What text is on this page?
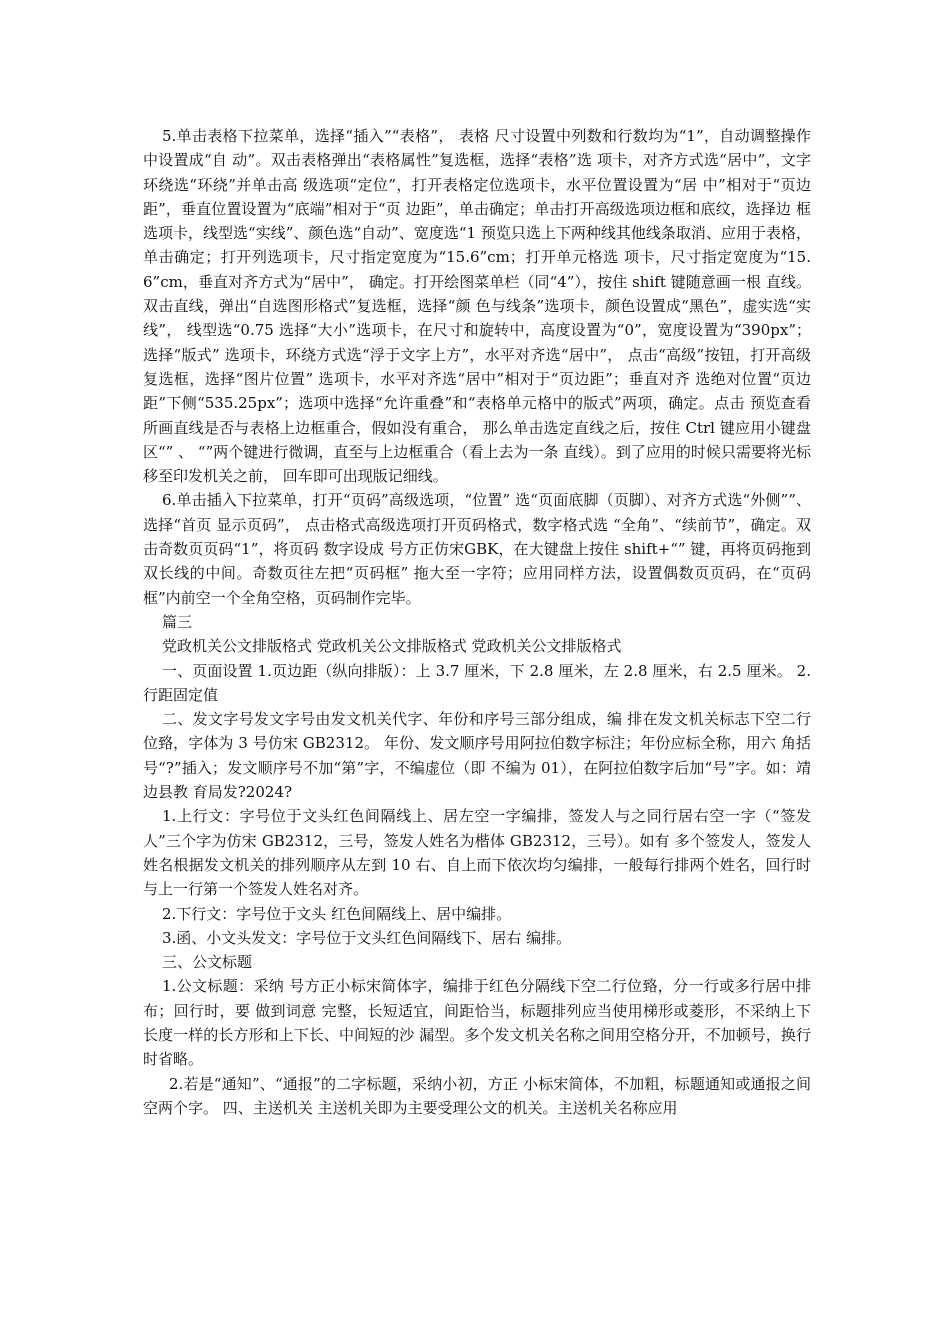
5.单击表格下拉菜单，选择“插入”“表格”， 表格 尺寸设置中列数和行数均为“1”，自动调整操作中设置成“自 动”。双击表格弹出“表格属性”复选框，选择“表格”选 项卡，对齐方式选“居中”，文字环绕选“环绕”并单击高 级选项“定位”，打开表格定位选项卡，水平位置设置为“居 中”相对于“页边距”，垂直位置设置为“底端”相对于“页 边距”，单击确定；单击打开高级选项边框和底纹，选择边 框选项卡，线型选“实线”、颜色选“自动”、宽度选“1 预览只选上下两种线其他线条取消、应用于表格，单击确定；打开列选项卡，尺寸指定宽度为“15.6”cm；打开单元格选 项卡，尺寸指定宽度为“15.6”cm，垂直对齐方式为“居中”， 确定。打开绘图菜单栏（同“4”），按住 shift 键随意画一根 直线。双击直线，弹出“自选图形格式”复选框，选择“颜 色与线条”选项卡，颜色设置成“黑色”，虚实选“实线”， 线型选“0.75 选择“大小”选项卡，在尺寸和旋转中，高度设置为“0”，宽度设置为“390px”；选择“版式” 选项卡，环绕方式选“浮于文字上方”，水平对齐选“居中”， 点击“高级”按钮，打开高级复选框，选择“图片位置” 选项卡，水平对齐选“居中”相对于“页边距”；垂直对齐 选绝对位置“页边距”下侧“535.25px”；选项中选择“允许重叠”和“表格单元格中的版式”两项，确定。点击 预览查看所画直线是否与表格上边框重合，假如没有重合， 那么单击选定直线之后，按住 Ctrl 键应用小键盘区“” 、 “”两个键进行微调，直至与上边框重合（看上去为一条 直线）。到了应用的时候只需要将光标移至印发机关之前， 回车即可出现版记细线。

6.单击插入下拉菜单，打开“页码”高级选项，“位置” 选“页面底脚（页脚）、对齐方式选“外侧””、选择“首页 显示页码”， 点击格式高级选项打开页码格式，数字格式选 “全角”、“续前节”，确定。双击奇数页页码“1”，将页码 数字设成 号方正仿宋GBK，在大键盘上按住 shift+“” 键，再将页码拖到双长线的中间。奇数页往左把“页码框” 拖大至一字符；应用同样方法，设置偶数页页码，在“页码 框”内前空一个全角空格，页码制作完毕。

篇三

党政机关公文排版格式 党政机关公文排版格式 党政机关公文排版格式

一、页面设置 1.页边距（纵向排版）：上 3.7 厘米，下 2.8 厘米，左 2.8 厘米，右 2.5 厘米。 2.行距固定值

二、发文字号发文字号由发文机关代字、年份和序号三部分组成，编 排在发文机关标志下空二行位臵，字体为 3 号仿宋 GB2312。 年份、发文顺序号用阿拉伯数字标注；年份应标全称，用六 角括号“?”插入；发文顺序号不加“第”字，不编虚位（即 不编为 01），在阿拉伯数字后加“号”字。如：靖边县教 育局发?2024?

1.上行文：字号位于文头红色间隔线上、居左空一字编排，签发人与之同行居右空一字（“签发人”三个字为仿宋 GB2312，三号，签发人姓名为楷体 GB2312，三号）。如有 多个签发人，签发人姓名根据发文机关的排列顺序从左到 10 右、自上而下依次均匀编排，一般每行排两个姓名，回行时 与上一行第一个签发人姓名对齐。

2.下行文：字号位于文头 红色间隔线上、居中编排。

3.函、小文头发文：字号位于文头红色间隔线下、居右 编排。

三、公文标题

1.公文标题：采纳 号方正小标宋简体字，编排于红色分隔线下空二行位臵，分一行或多行居中排布；回行时，要 做到词意 完整，长短适宜，间距恰当，标题排列应当使用梯形或菱形，不采纳上下长度一样的长方形和上下长、中间短的沙 漏型。多个发文机关名称之间用空格分开，不加顿号，换行 时省略。

2.若是“通知”、“通报”的二字标题，采纳小初，方正 小标宋简体，不加粗，标题通知或通报之间空两个字。 四、主送机关 主送机关即为主要受理公文的机关。主送机关名称应用
